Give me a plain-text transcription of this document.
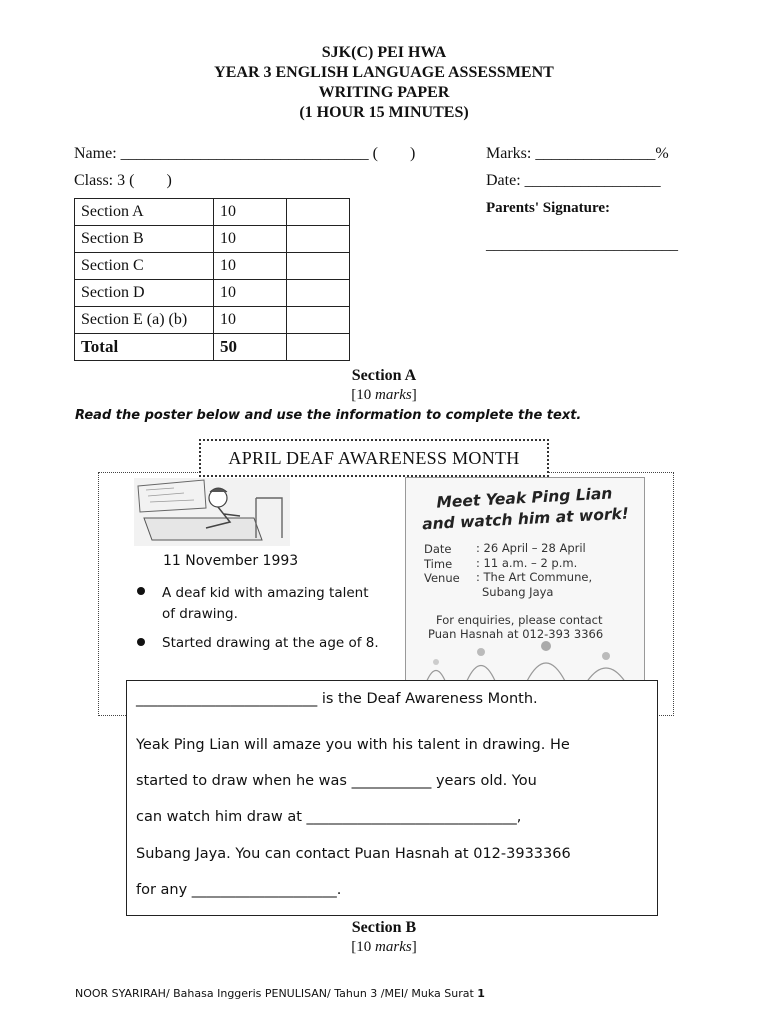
SJK(C) PEI HWA
YEAR 3 ENGLISH LANGUAGE ASSESSMENT
WRITING PAPER
(1 HOUR 15 MINUTES)
Name: _______________________________ (        )
Class: 3 (        )
Marks: _______________%
Date: _________________
Parents' Signature:
________________________
Section A	10	
Section B	10	
Section C	10	
Section D	10	
Section E (a) (b)	10	
Total	50	
Section A
[10 marks]
Read the poster below and use the information to complete the text.
APRIL DEAF AWARENESS MONTH
11 November 1993
A deaf kid with amazing talent
of drawing.
Started drawing at the age of 8.
Meet Yeak Ping Lian
and watch him at work!
Date : 26 April – 28 April
Time : 11 a.m. – 2 p.m.
Venue : The Art Commune,
Subang Jaya
For enquiries, please contact
Puan Hasnah at 012-393 3366
_________________________ is the Deaf Awareness Month.
Yeak Ping Lian will amaze you with his talent in drawing. He
started to draw when he was ___________ years old. You
can watch him draw at _____________________________,
Subang Jaya. You can contact Puan Hasnah at 012-3933366
for any ____________________.
Section B
[10 marks]
NOOR SYARIRAH/ Bahasa Inggeris PENULISAN/ Tahun 3 /MEI/ Muka Surat 1
